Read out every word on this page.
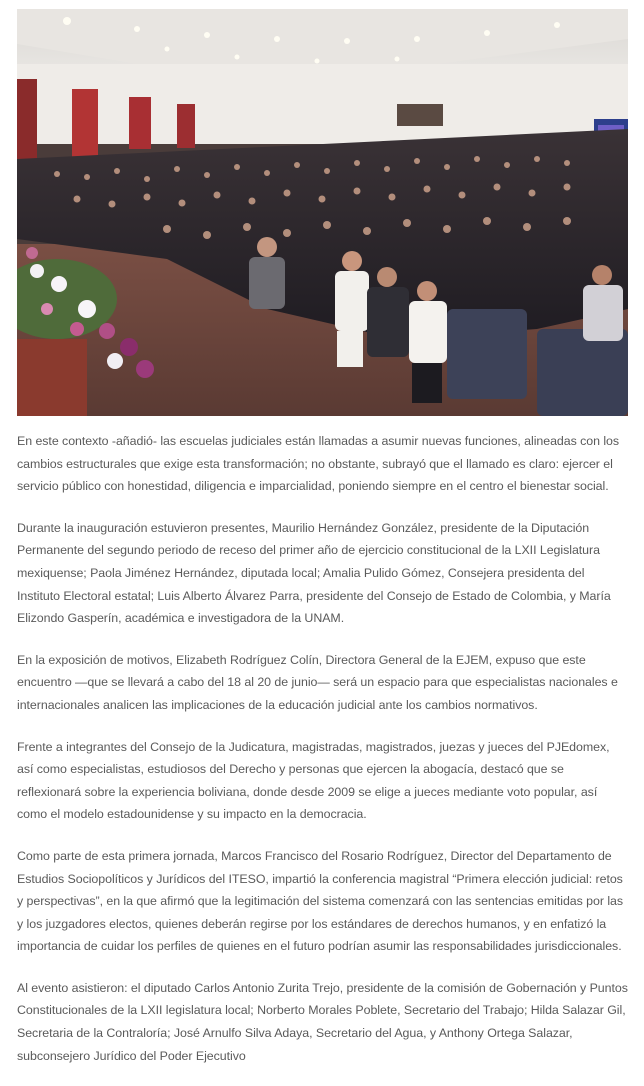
En este contexto -añadió- las escuelas judiciales están llamadas a asumir nuevas funciones, alineadas con los cambios estructurales que exige esta transformación; no obstante, subrayó que el llamado es claro: ejercer el servicio público con honestidad, diligencia e imparcialidad, poniendo siempre en el centro el bienestar social.

Durante la inauguración estuvieron presentes, Maurilio Hernández González, presidente de la Diputación Permanente del segundo periodo de receso del primer año de ejercicio constitucional de la LXII Legislatura mexiquense; Paola Jiménez Hernández, diputada local; Amalia Pulido Gómez, Consejera presidenta del Instituto Electoral estatal; Luis Alberto Álvarez Parra, presidente del Consejo de Estado de Colombia, y María Elizondo Gasperín, académica e investigadora de la UNAM.

En la exposición de motivos, Elizabeth Rodríguez Colín, Directora General de la EJEM, expuso que este encuentro —que se llevará a cabo del 18 al 20 de junio— será un espacio para que especialistas nacionales e internacionales analicen las implicaciones de la educación judicial ante los cambios normativos.

Frente a integrantes del Consejo de la Judicatura, magistradas, magistrados, juezas y jueces del PJEdomex, así como especialistas, estudiosos del Derecho y personas que ejercen la abogacía, destacó que se reflexionará sobre la experiencia boliviana, donde desde 2009 se elige a jueces mediante voto popular, así como el modelo estadounidense y su impacto en la democracia.

Como parte de esta primera jornada, Marcos Francisco del Rosario Rodríguez, Director del Departamento de Estudios Sociopolíticos y Jurídicos del ITESO, impartió la conferencia magistral “Primera elección judicial: retos y perspectivas”, en la que afirmó que la legitimación del sistema comenzará con las sentencias emitidas por las y los juzgadores electos, quienes deberán regirse por los estándares de derechos humanos, y en enfatizó la importancia de cuidar los perfiles de quienes en el futuro podrían asumir las responsabilidades jurisdiccionales.

Al evento asistieron: el diputado Carlos Antonio Zurita Trejo, presidente de la comisión de Gobernación y Puntos Constitucionales de la LXII legislatura local; Norberto Morales Poblete, Secretario del Trabajo; Hilda Salazar Gil, Secretaria de la Contraloría; José Arnulfo Silva Adaya, Secretario del Agua, y Anthony Ortega Salazar, subconsejero Jurídico del Poder Ejecutivo
